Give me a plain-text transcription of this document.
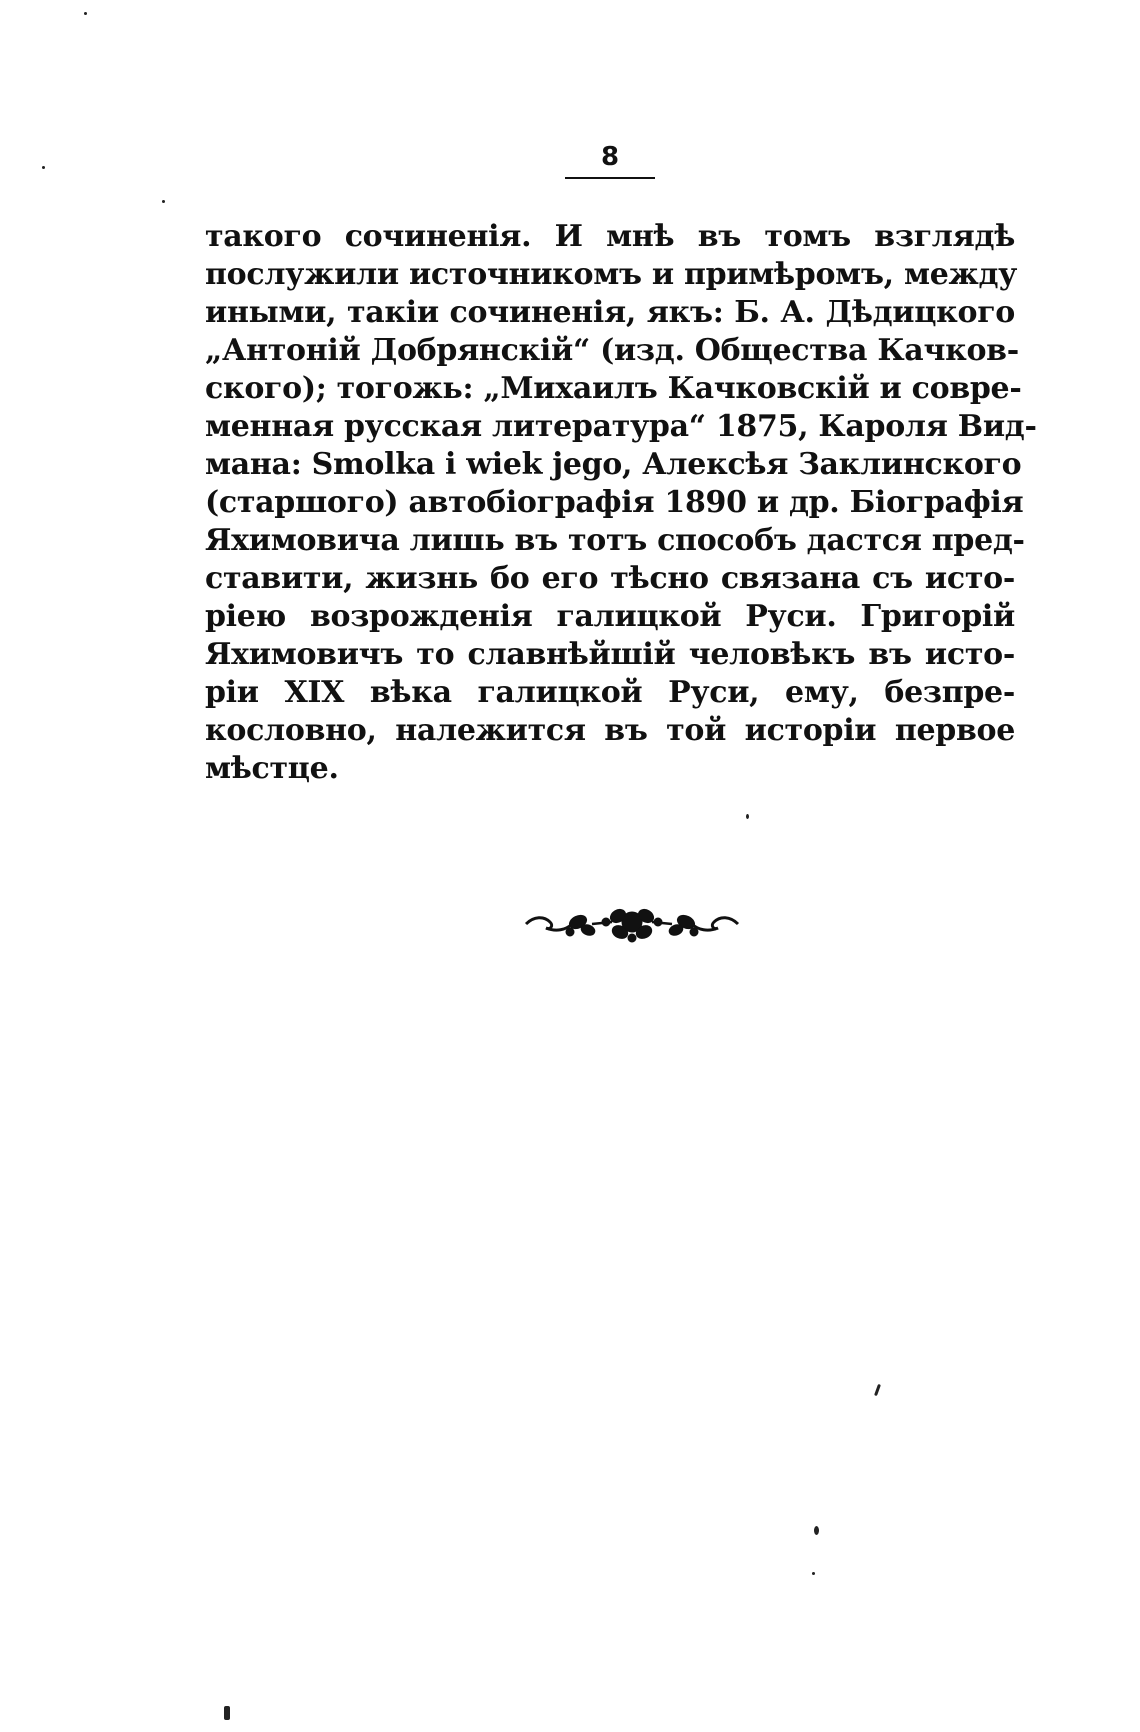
8
такого сочиненія. И мнѣ въ томъ взглядѣ
послужили источникомъ и примѣромъ, между
иными, такіи сочиненія, якъ: Б. А. Дѣдицкого
„Антоній Добрянскій“ (изд. Общества Качков-
ского); тогожь: „Михаилъ Качковскій и совре-
менная русская литература“ 1875, Кароля Вид-
мана: Smolka i wiek jego, Алексѣя Заклинского
(старшого) автобіографія 1890 и др. Біографія
Яхимовича лишь въ тотъ способъ дастся пред-
ставити, жизнь бо его тѣсно связана съ исто-
ріею возрожденія галицкой Руси. Григорій
Яхимовичъ то славнѣйшій человѣкъ въ исто-
ріи XIX вѣка галицкой Руси, ему, безпре-
кословно, належится въ той исторіи первое
мѣстце.
